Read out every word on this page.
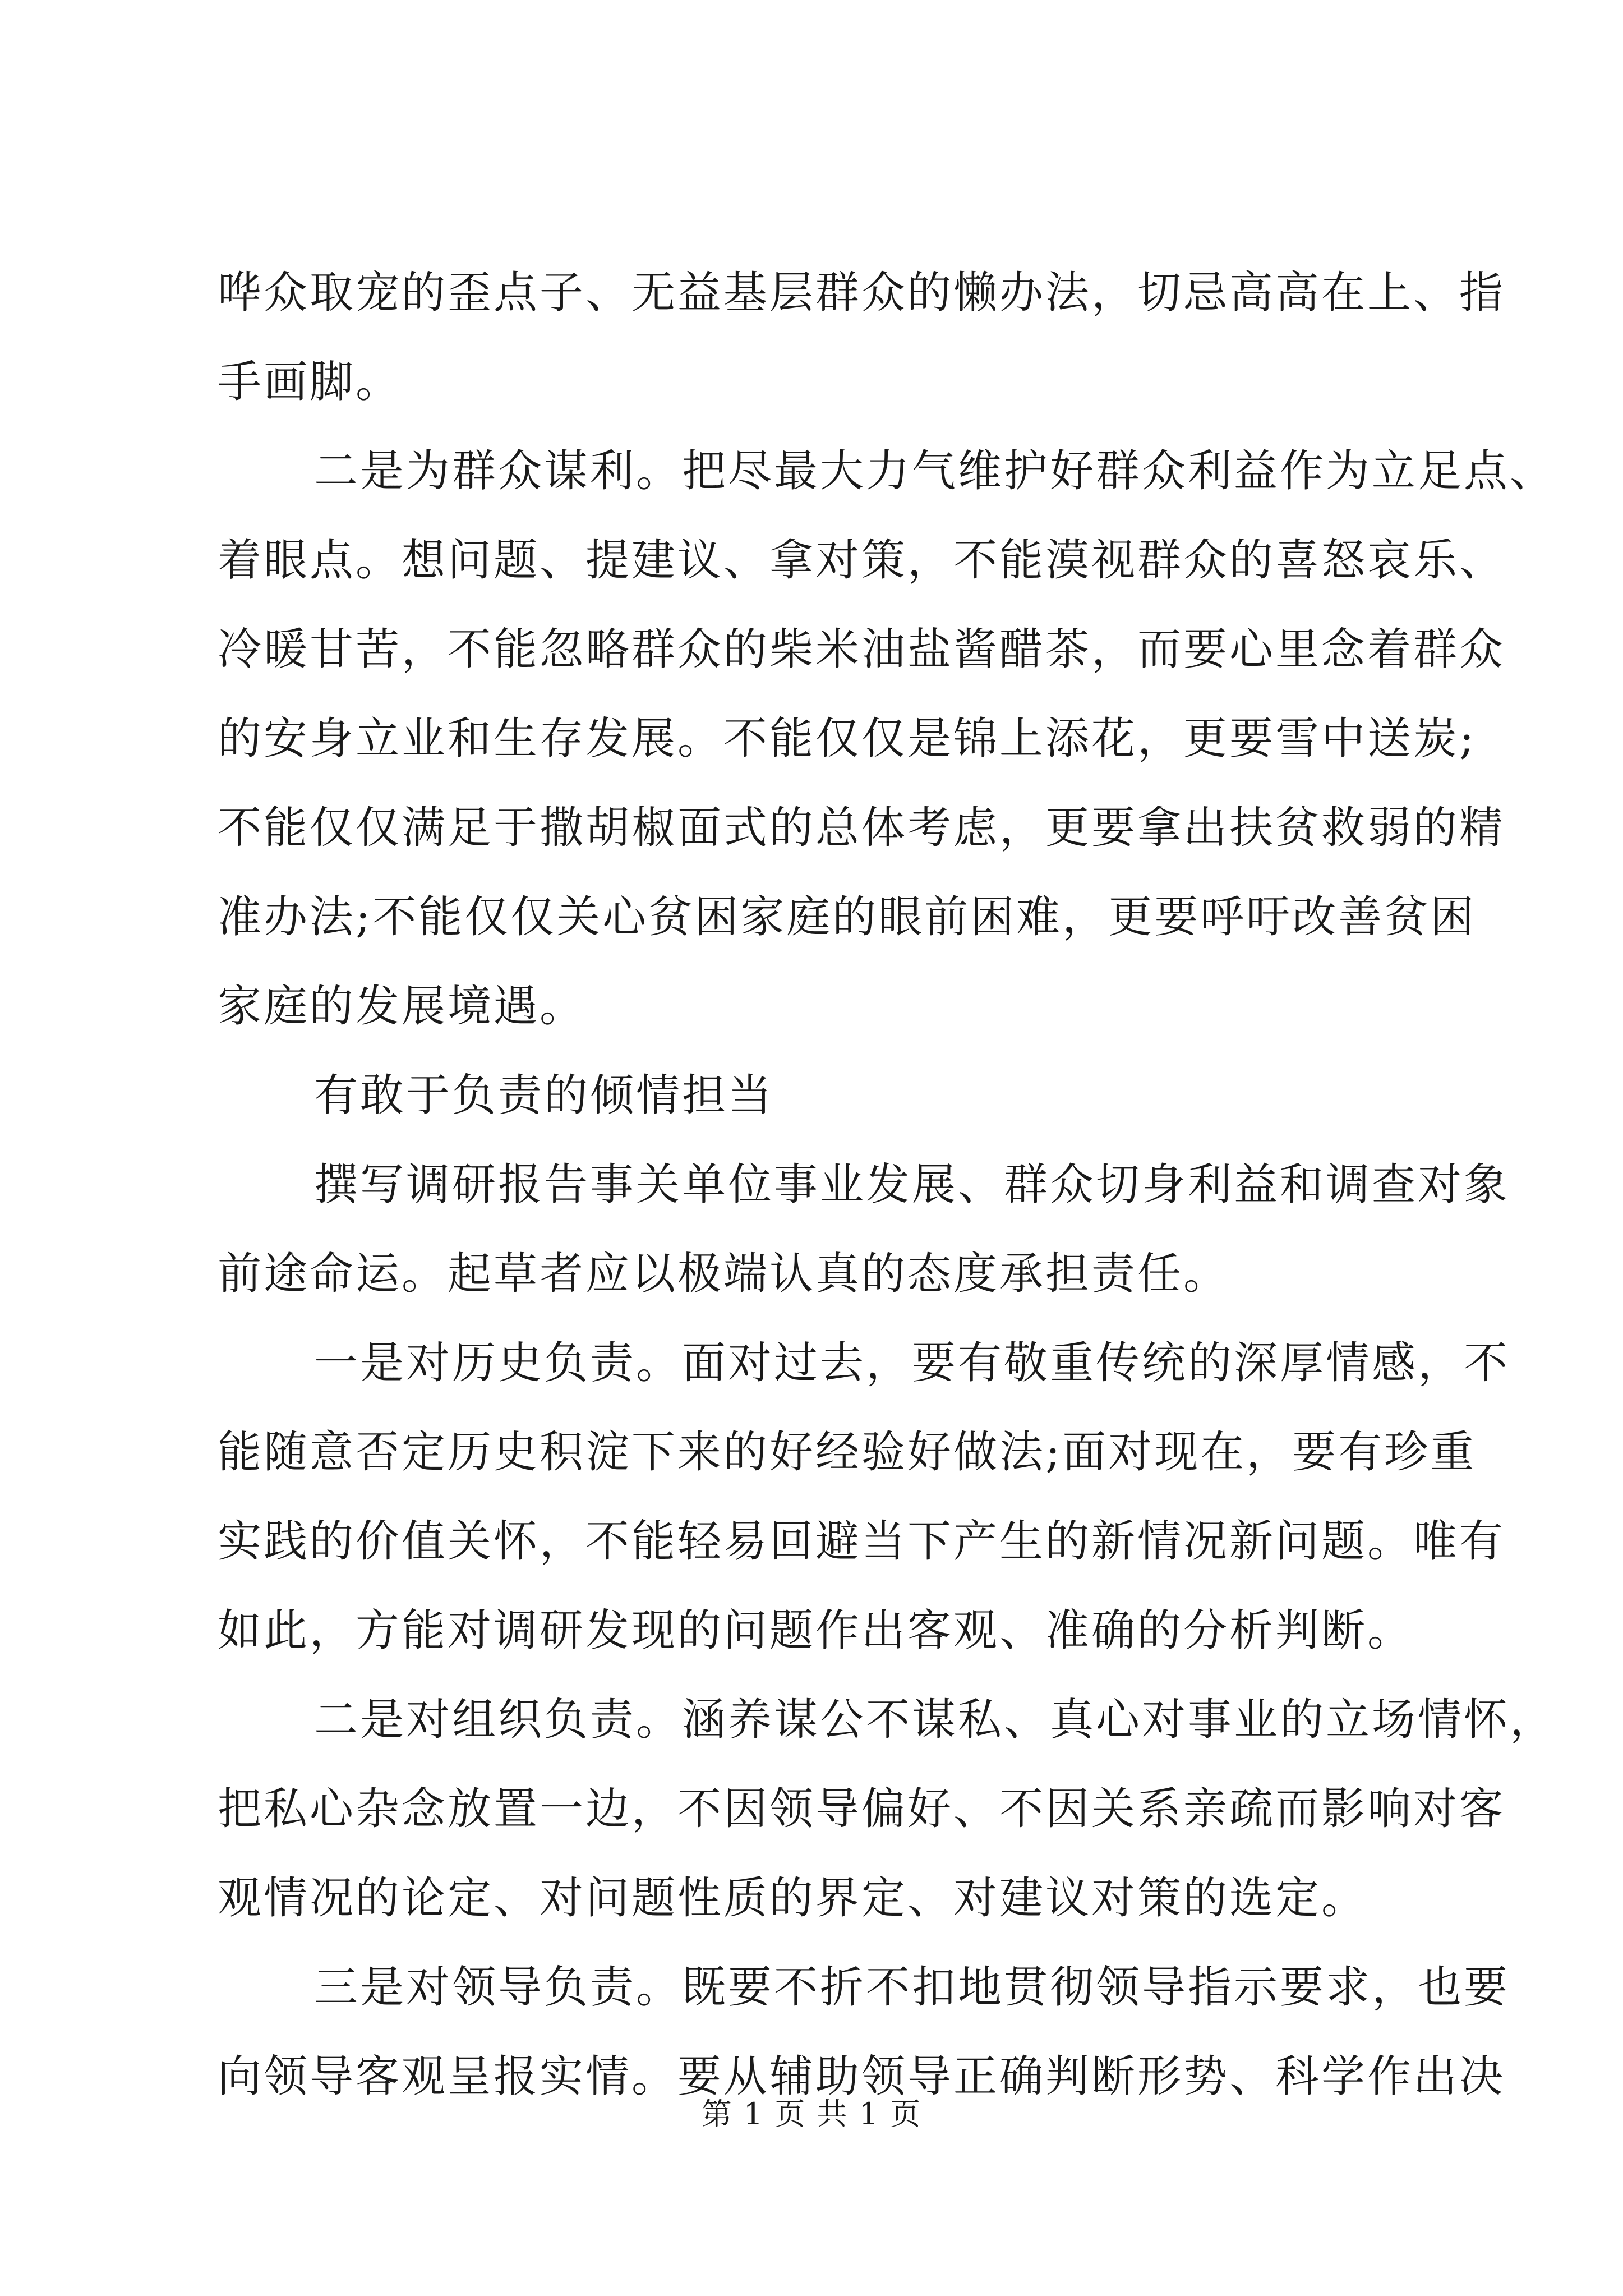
哗众取宠的歪点子、无益基层群众的懒办法，切忌高高在上、指
手画脚。
二是为群众谋利。把尽最大力气维护好群众利益作为立足点、
着眼点。想问题、提建议、拿对策，不能漠视群众的喜怒哀乐、
冷暖甘苦，不能忽略群众的柴米油盐酱醋茶，而要心里念着群众
的安身立业和生存发展。不能仅仅是锦上添花，更要雪中送炭;
不能仅仅满足于撒胡椒面式的总体考虑，更要拿出扶贫救弱的精
准办法;不能仅仅关心贫困家庭的眼前困难，更要呼吁改善贫困
家庭的发展境遇。
有敢于负责的倾情担当
撰写调研报告事关单位事业发展、群众切身利益和调查对象
前途命运。起草者应以极端认真的态度承担责任。
一是对历史负责。面对过去，要有敬重传统的深厚情感，不
能随意否定历史积淀下来的好经验好做法;面对现在，要有珍重
实践的价值关怀，不能轻易回避当下产生的新情况新问题。唯有
如此，方能对调研发现的问题作出客观、准确的分析判断。
二是对组织负责。涵养谋公不谋私、真心对事业的立场情怀，
把私心杂念放置一边，不因领导偏好、不因关系亲疏而影响对客
观情况的论定、对问题性质的界定、对建议对策的选定。
三是对领导负责。既要不折不扣地贯彻领导指示要求，也要
向领导客观呈报实情。要从辅助领导正确判断形势、科学作出决
第 1 页 共 1 页
